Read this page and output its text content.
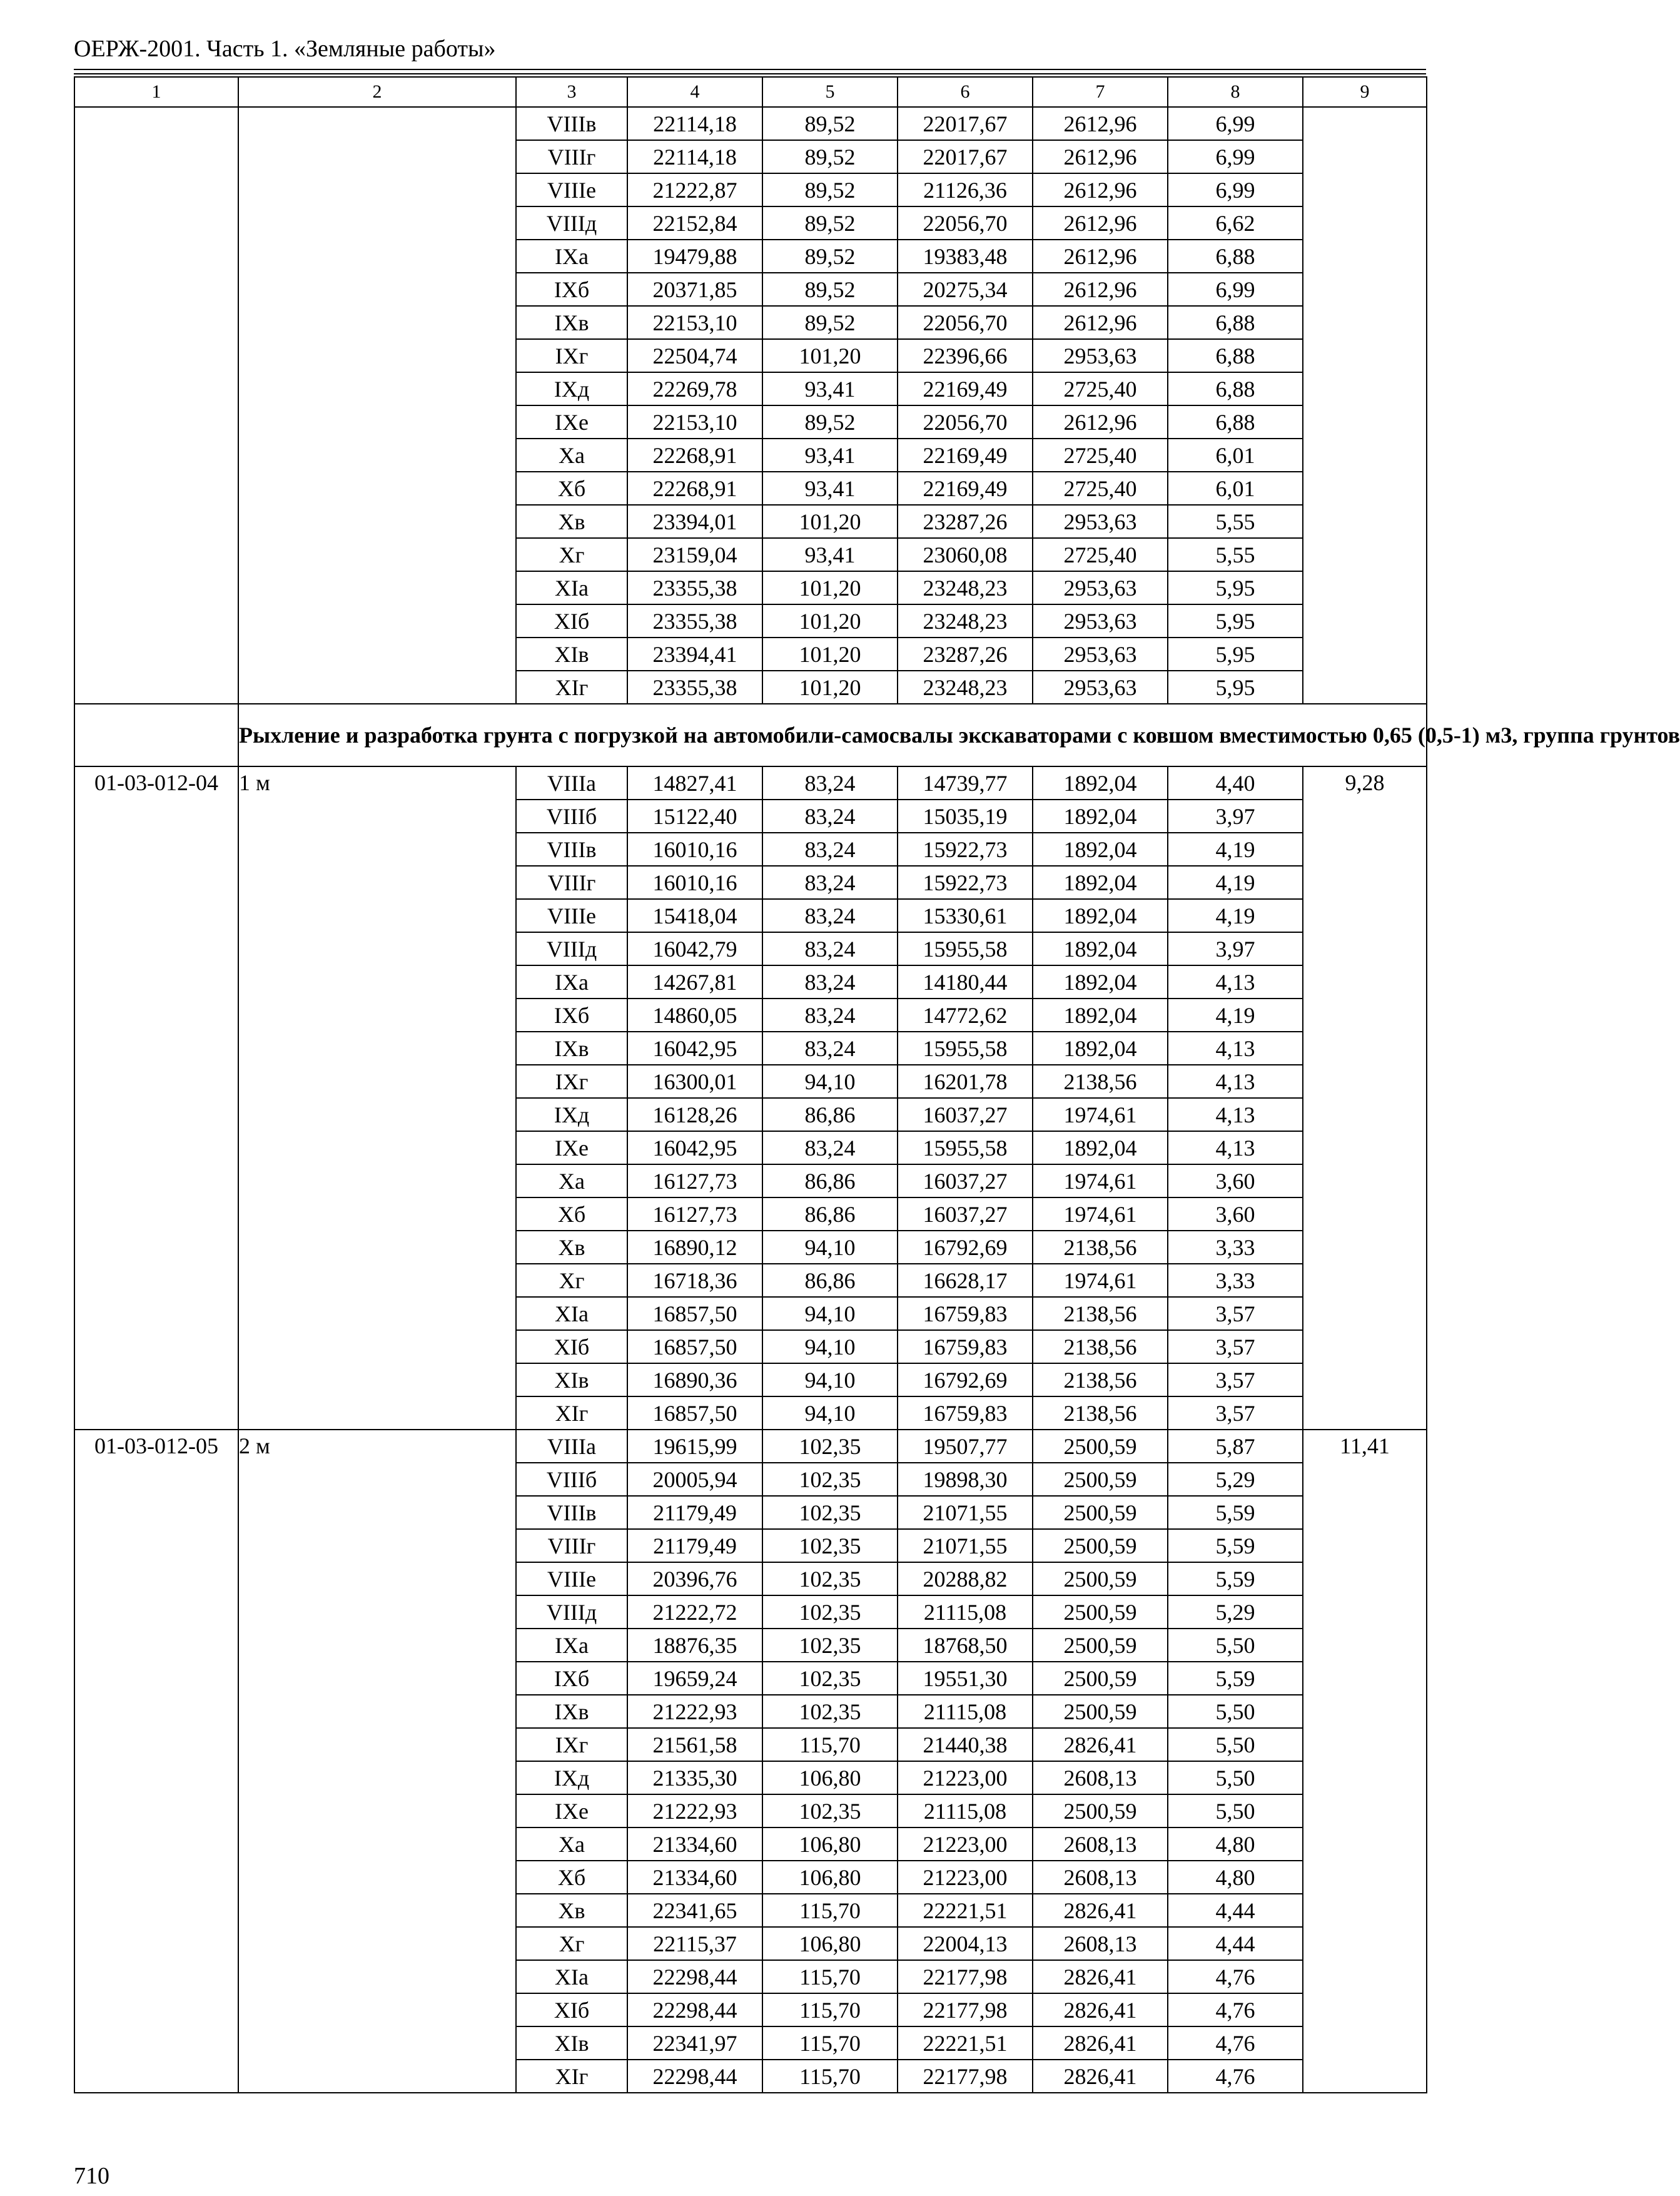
ОЕРЖ-2001. Часть 1. «Земляные работы»
1	2	3	4	5	6	7	8	9
		VIIIв	22114,18	89,52	22017,67	2612,96	6,99	
		VIIIг	22114,18	89,52	22017,67	2612,96	6,99	
		VIIIе	21222,87	89,52	21126,36	2612,96	6,99	
		VIIIд	22152,84	89,52	22056,70	2612,96	6,62	
		IXа	19479,88	89,52	19383,48	2612,96	6,88	
		IXб	20371,85	89,52	20275,34	2612,96	6,99	
		IXв	22153,10	89,52	22056,70	2612,96	6,88	
		IXг	22504,74	101,20	22396,66	2953,63	6,88	
		IXд	22269,78	93,41	22169,49	2725,40	6,88	
		IXе	22153,10	89,52	22056,70	2612,96	6,88	
		Xа	22268,91	93,41	22169,49	2725,40	6,01	
		Xб	22268,91	93,41	22169,49	2725,40	6,01	
		Xв	23394,01	101,20	23287,26	2953,63	5,55	
		Xг	23159,04	93,41	23060,08	2725,40	5,55	
		XIа	23355,38	101,20	23248,23	2953,63	5,95	
		XIб	23355,38	101,20	23248,23	2953,63	5,95	
		XIв	23394,41	101,20	23287,26	2953,63	5,95	
		XIг	23355,38	101,20	23248,23	2953,63	5,95	
	Рыхление и разработка грунта с погрузкой на автомобили-самосвалы экскаваторами с ковшом вместимостью 0,65 (0,5-1) м3, группа грунтов							
01-03-012-04	1 м	VIIIа	14827,41	83,24	14739,77	1892,04	4,40	9,28
		VIIIб	15122,40	83,24	15035,19	1892,04	3,97	
		VIIIв	16010,16	83,24	15922,73	1892,04	4,19	
		VIIIг	16010,16	83,24	15922,73	1892,04	4,19	
		VIIIе	15418,04	83,24	15330,61	1892,04	4,19	
		VIIIд	16042,79	83,24	15955,58	1892,04	3,97	
		IXа	14267,81	83,24	14180,44	1892,04	4,13	
		IXб	14860,05	83,24	14772,62	1892,04	4,19	
		IXв	16042,95	83,24	15955,58	1892,04	4,13	
		IXг	16300,01	94,10	16201,78	2138,56	4,13	
		IXд	16128,26	86,86	16037,27	1974,61	4,13	
		IXе	16042,95	83,24	15955,58	1892,04	4,13	
		Xа	16127,73	86,86	16037,27	1974,61	3,60	
		Xб	16127,73	86,86	16037,27	1974,61	3,60	
		Xв	16890,12	94,10	16792,69	2138,56	3,33	
		Xг	16718,36	86,86	16628,17	1974,61	3,33	
		XIа	16857,50	94,10	16759,83	2138,56	3,57	
		XIб	16857,50	94,10	16759,83	2138,56	3,57	
		XIв	16890,36	94,10	16792,69	2138,56	3,57	
		XIг	16857,50	94,10	16759,83	2138,56	3,57	
01-03-012-05	2 м	VIIIа	19615,99	102,35	19507,77	2500,59	5,87	11,41
		VIIIб	20005,94	102,35	19898,30	2500,59	5,29	
		VIIIв	21179,49	102,35	21071,55	2500,59	5,59	
		VIIIг	21179,49	102,35	21071,55	2500,59	5,59	
		VIIIе	20396,76	102,35	20288,82	2500,59	5,59	
		VIIIд	21222,72	102,35	21115,08	2500,59	5,29	
		IXа	18876,35	102,35	18768,50	2500,59	5,50	
		IXб	19659,24	102,35	19551,30	2500,59	5,59	
		IXв	21222,93	102,35	21115,08	2500,59	5,50	
		IXг	21561,58	115,70	21440,38	2826,41	5,50	
		IXд	21335,30	106,80	21223,00	2608,13	5,50	
		IXе	21222,93	102,35	21115,08	2500,59	5,50	
		Xа	21334,60	106,80	21223,00	2608,13	4,80	
		Xб	21334,60	106,80	21223,00	2608,13	4,80	
		Xв	22341,65	115,70	22221,51	2826,41	4,44	
		Xг	22115,37	106,80	22004,13	2608,13	4,44	
		XIа	22298,44	115,70	22177,98	2826,41	4,76	
		XIб	22298,44	115,70	22177,98	2826,41	4,76	
		XIв	22341,97	115,70	22221,51	2826,41	4,76	
		XIг	22298,44	115,70	22177,98	2826,41	4,76	
710
